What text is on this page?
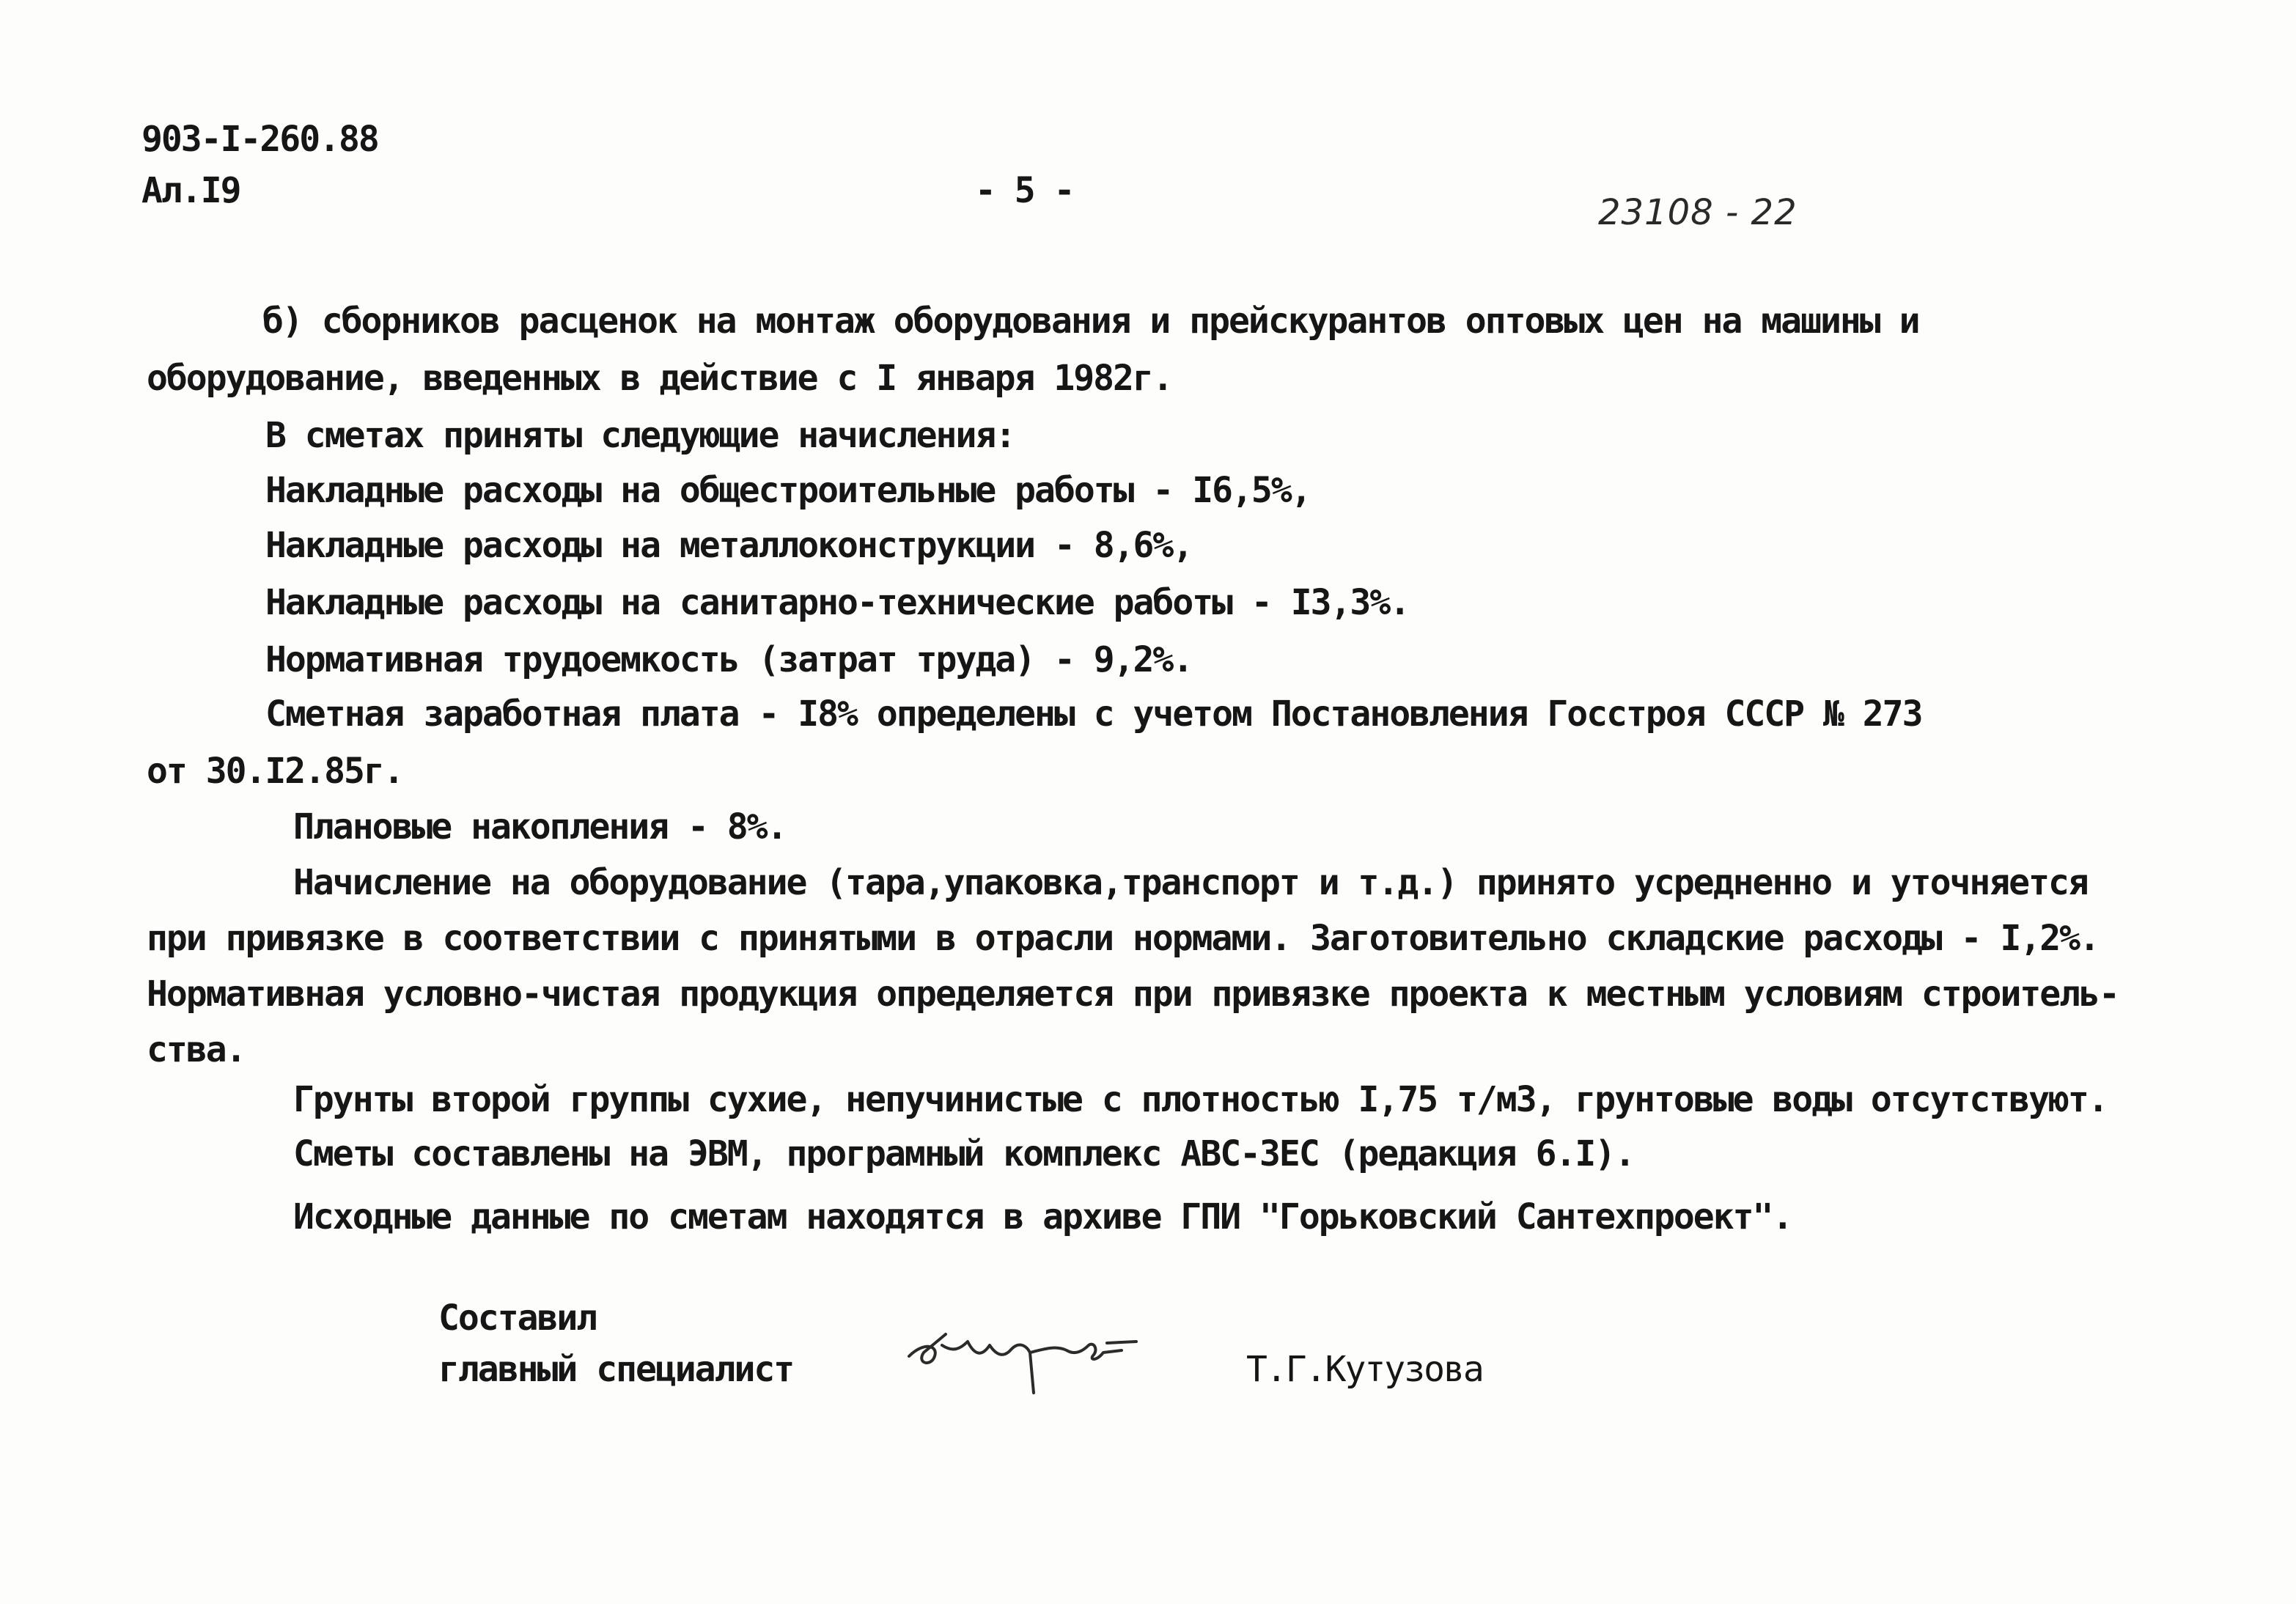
903-I-260.88
Ал.I9	- 5 -
23108 - 22
б) сборников расценок на монтаж оборудования и прейскурантов оптовых цен на машины и
оборудование, введенных в действие с I января 1982г.
В сметах приняты следующие начисления:
Накладные расходы на общестроительные работы - I6,5%,
Накладные расходы на металлоконструкции - 8,6%,
Накладные расходы на санитарно-технические работы - I3,3%.
Нормативная трудоемкость (затрат труда) - 9,2%.
Сметная заработная плата - I8% определены с учетом Постановления Госстроя СССР № 273
от 30.I2.85г.
Плановые накопления - 8%.
Начисление на оборудование (тара,упаковка,транспорт и т.д.) принято усредненно и уточняется
при привязке в соответствии с принятыми в отрасли нормами. Заготовительно складские расходы - I,2%.
Нормативная условно-чистая продукция определяется при привязке проекта к местным условиям строитель-
ства.
Грунты второй группы сухие, непучинистые с плотностью I,75 т/м3, грунтовые воды отсутствуют.
Сметы составлены на ЭВМ, програмный комплекс АВС-3ЕС (редакция 6.I).
Исходные данные по сметам находятся в архиве ГПИ "Горьковский Сантехпроект".
Составил
главный специалист	Т.Г.Кутузова
